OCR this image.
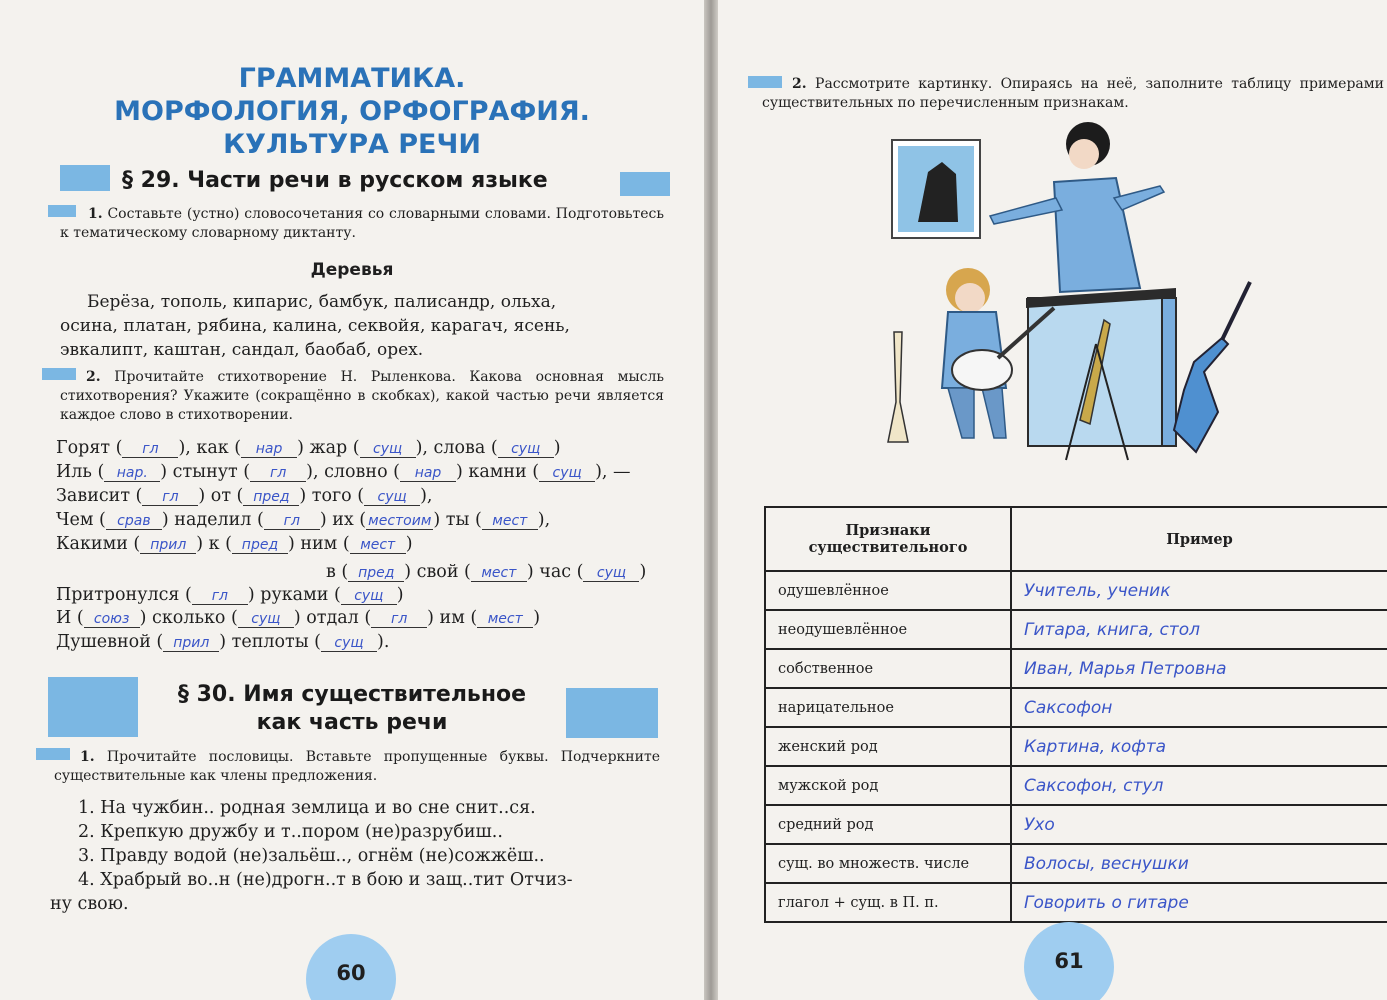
ГРАММАТИКА.
МОРФОЛОГИЯ, ОРФОГРАФИЯ.
КУЛЬТУРА РЕЧИ
§ 29. Части речи в русском языке
1. Составьте (устно) словосочетания со словарными словами. Подготовьтесь к тематическому словарному диктанту.
Деревья
Берёза, тополь, кипарис, бамбук, палисандр, ольха,
осина, платан, рябина, калина, секвойя, карагач, ясень,
эвкалипт, каштан, сандал, баобаб, орех.
2. Прочитайте стихотворение Н. Рыленкова. Какова основная мысль стихотворения? Укажите (сокращённо в скобках), какой частью речи является каждое слово в стихотворении.
Горят ( гл ), как ( нар ) жар ( сущ ), слова ( сущ )
Иль ( нар. ) стынут ( гл ), словно ( нар ) камни ( сущ ), —
Зависит ( гл ) от ( пред ) того ( сущ ),
Чем ( срав ) наделил ( гл ) их ( местоим ) ты ( мест ),
Какими ( прил ) к ( пред ) ним ( мест )
в ( пред ) свой ( мест ) час ( сущ )
Притронулся ( гл ) руками ( сущ )
И ( союз ) сколько ( сущ ) отдал ( гл ) им ( мест )
Душевной ( прил ) теплоты ( сущ ).
§ 30. Имя существительное
как часть речи
1. Прочитайте пословицы. Вставьте пропущенные буквы. Подчеркните существительные как члены предложения.
1. На чужбин.. родная землица и во сне снит..ся.
2. Крепкую дружбу и т..пором (не)разрубиш..
3. Правду водой (не)зальёш.., огнём (не)сожжёш..
4. Храбрый во..н (не)дрогн..т в бою и защ..тит Отчиз-
ну свою.
60
2. Рассмотрите картинку. Опираясь на неё, заполните таблицу примерами существительных по перечисленным признакам.
Признаки существительного	Пример
одушевлённое	Учитель, ученик
неодушевлённое	Гитара, книга, стол
собственное	Иван, Марья Петровна
нарицательное	Саксофон
женский род	Картина, кофта
мужской род	Саксофон, стул
средний род	Ухо
сущ. во множеств. числе	Волосы, веснушки
глагол + сущ. в П. п.	Говорить о гитаре
61
